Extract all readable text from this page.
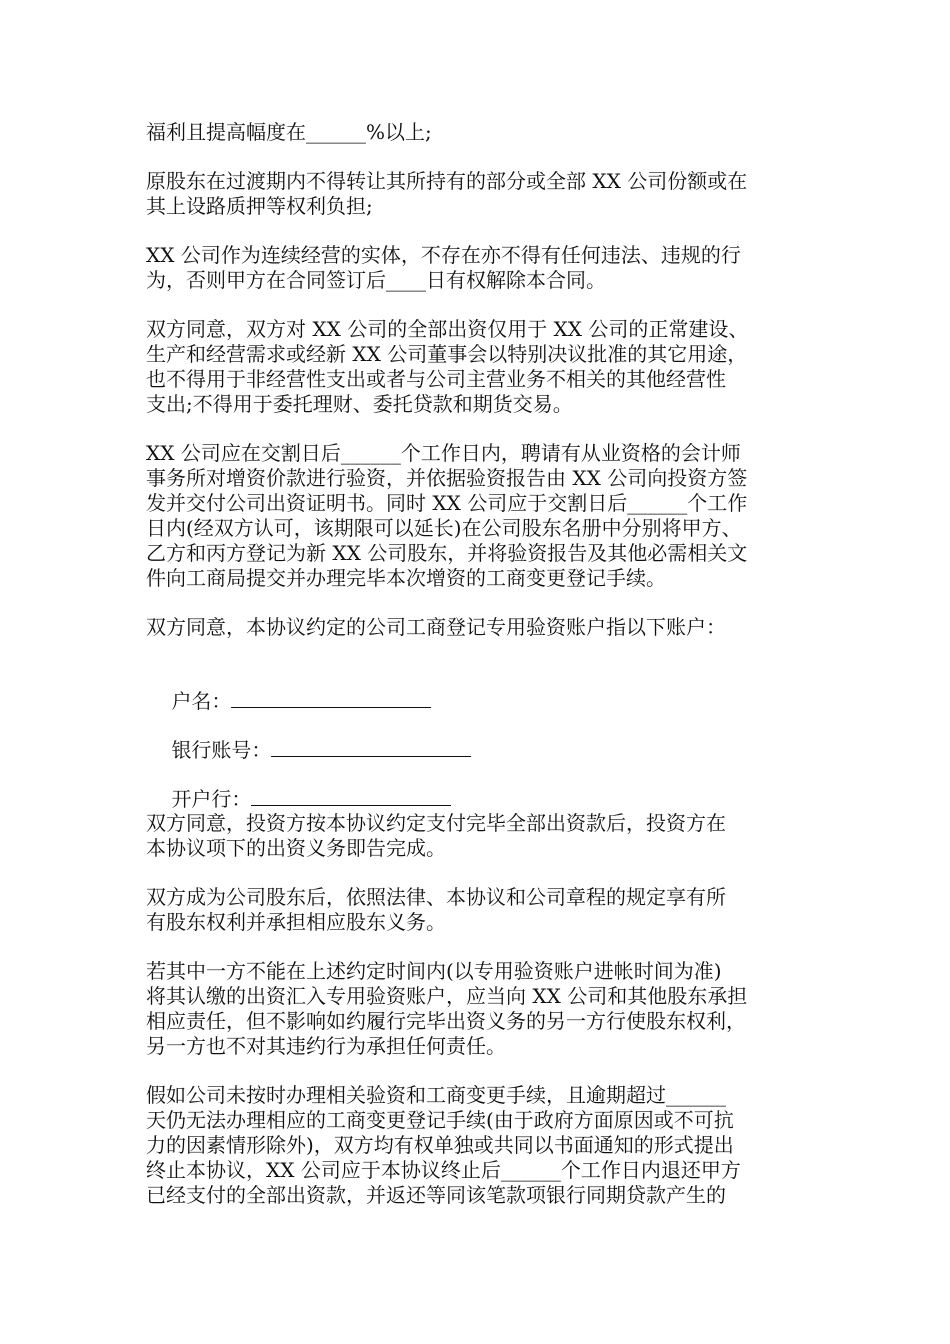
福利且提高幅度在______%以上;
原股东在过渡期内不得转让其所持有的部分或全部 XX 公司份额或在
其上设路质押等权利负担;
XX 公司作为连续经营的实体，不存在亦不得有任何违法、违规的行
为，否则甲方在合同签订后____日有权解除本合同。
双方同意，双方对 XX 公司的全部出资仅用于 XX 公司的正常建设、
生产和经营需求或经新 XX 公司董事会以特别决议批准的其它用途，
也不得用于非经营性支出或者与公司主营业务不相关的其他经营性
支出;不得用于委托理财、委托贷款和期货交易。
XX 公司应在交割日后______个工作日内，聘请有从业资格的会计师
事务所对增资价款进行验资，并依据验资报告由 XX 公司向投资方签
发并交付公司出资证明书。同时 XX 公司应于交割日后______个工作
日内(经双方认可，该期限可以延长)在公司股东名册中分别将甲方、
乙方和丙方登记为新 XX 公司股东，并将验资报告及其他必需相关文
件向工商局提交并办理完毕本次增资的工商变更登记手续。
双方同意，本协议约定的公司工商登记专用验资账户指以下账户：

户名：

银行账号：

开户行：

双方同意，投资方按本协议约定支付完毕全部出资款后，投资方在
本协议项下的出资义务即告完成。
双方成为公司股东后，依照法律、本协议和公司章程的规定享有所
有股东权利并承担相应股东义务。
若其中一方不能在上述约定时间内(以专用验资账户进帐时间为准)
将其认缴的出资汇入专用验资账户，应当向 XX 公司和其他股东承担
相应责任，但不影响如约履行完毕出资义务的另一方行使股东权利，
另一方也不对其违约行为承担任何责任。
假如公司未按时办理相关验资和工商变更手续，且逾期超过______
天仍无法办理相应的工商变更登记手续(由于政府方面原因或不可抗
力的因素情形除外)，双方均有权单独或共同以书面通知的形式提出
终止本协议，XX 公司应于本协议终止后______个工作日内退还甲方
已经支付的全部出资款，并返还等同该笔款项银行同期贷款产生的
